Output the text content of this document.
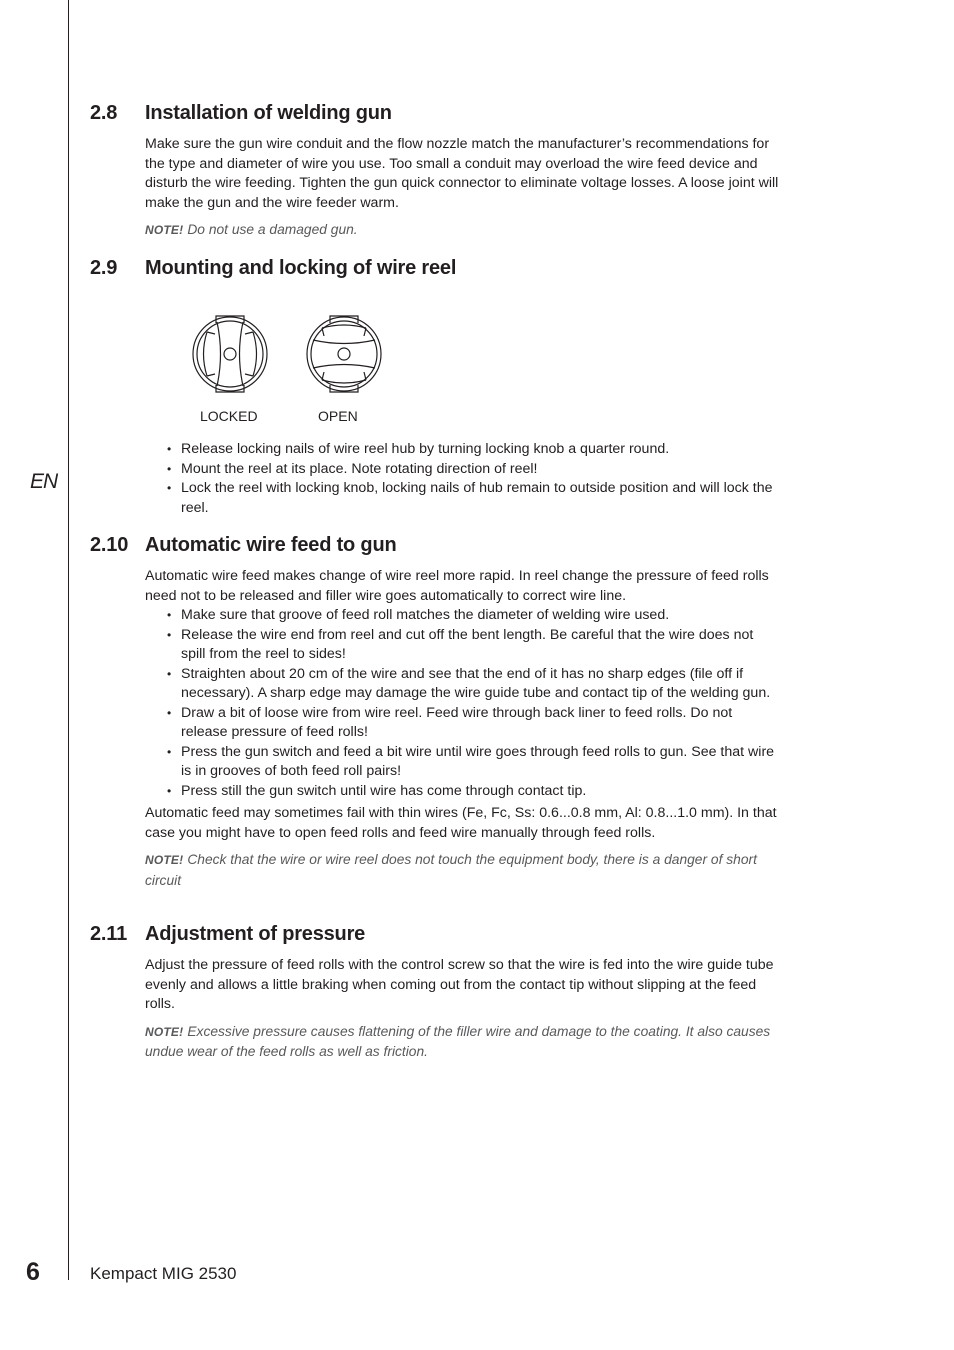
EN
2.8	Installation of welding gun

Make sure the gun wire conduit and the flow nozzle match the manufacturer’s recommendations for the type and diameter of wire you use. Too small a conduit may overload the wire feed device and disturb the wire feeding. Tighten the gun quick connector to eliminate voltage losses. A loose joint will make the gun and the wire feeder warm.

NOTE! Do not use a damaged gun.
2.9	Mounting and locking of wire reel
LOCKED	OPEN
• Release locking nails of wire reel hub by turning locking knob a quarter round.
• Mount the reel at its place. Note rotating direction of reel!
• Lock the reel with locking knob, locking nails of hub remain to outside position and will lock the reel.
2.10 Automatic wire feed to gun

Automatic wire feed makes change of wire reel more rapid. In reel change the pressure of feed rolls need not to be released and filler wire goes automatically to correct wire line.

• Make sure that groove of feed roll matches the diameter of welding wire used.
• Release the wire end from reel and cut off the bent length. Be careful that the wire does not spill from the reel to sides!
• Straighten about 20 cm of the wire and see that the end of it has no sharp edges (file off if necessary). A sharp edge may damage the wire guide tube and contact tip of the welding gun.
• Draw a bit of loose wire from wire reel. Feed wire through back liner to feed rolls. Do not release pressure of feed rolls!
• Press the gun switch and feed a bit wire until wire goes through feed rolls to gun. See that wire is in grooves of both feed roll pairs!
• Press still the gun switch until wire has come through contact tip.

Automatic feed may sometimes fail with thin wires (Fe, Fc, Ss: 0.6...0.8 mm, Al: 0.8...1.0 mm). In that case you might have to open feed rolls and feed wire manually through feed rolls.

NOTE! Check that the wire or wire reel does not touch the equipment body, there is a danger of short circuit
2.11 Adjustment of pressure

Adjust the pressure of feed rolls with the control screw so that the wire is fed into the wire guide tube evenly and allows a little braking when coming out from the contact tip without slipping at the feed rolls.

NOTE! Excessive pressure causes flattening of the filler wire and damage to the coating. It also causes undue wear of the feed rolls as well as friction.
6	Kempact MIG 2530
